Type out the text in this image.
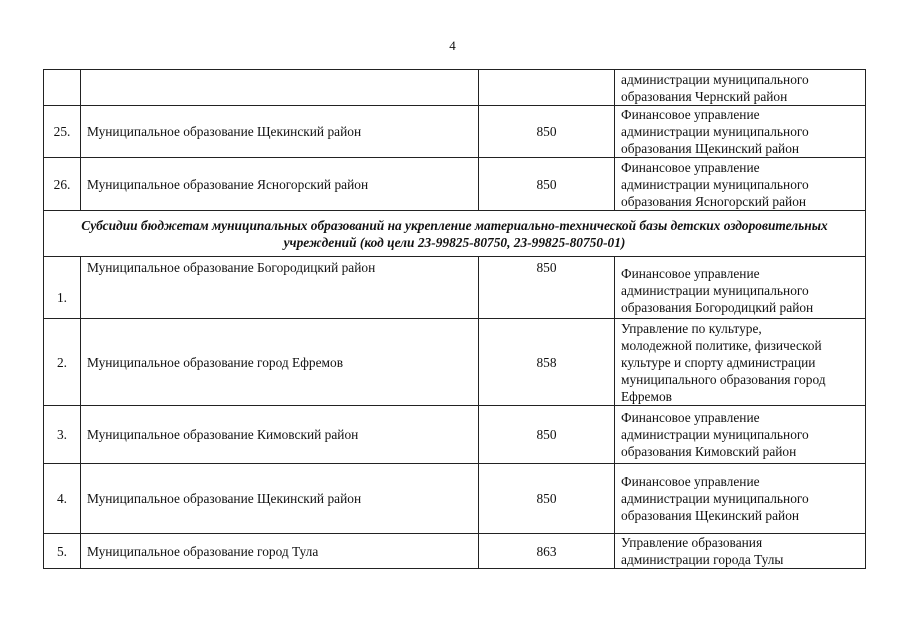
4

			администрации муниципального
образования Чернский район

25.	Муниципальное образование Щекинский район	850	Финансовое управление
администрации муниципального
образования Щекинский район

26.	Муниципальное образование Ясногорский район	850	Финансовое управление
администрации муниципального
образования Ясногорский район

Субсидии бюджетам муниципальных образований на укрепление материально-технической базы детских оздоровительных учреждений (код цели 23-99825-80750, 23-99825-80750-01)			
1.	Муниципальное образование Богородицкий район	850	Финансовое управление
администрации муниципального
образования Богородицкий район

2.	Муниципальное образование город Ефремов	858	Управление по культуре,
молодежной политике, физической
культуре и спорту администрации
муниципального образования город
Ефремов

3.	Муниципальное образование Кимовский район	850	Финансовое управление
администрации муниципального
образования Кимовский район

4.	Муниципальное образование Щекинский район	850	Финансовое управление
администрации муниципального
образования Щекинский район

5.	Муниципальное образование город Тула	863	Управление образования
администрации города Тулы
